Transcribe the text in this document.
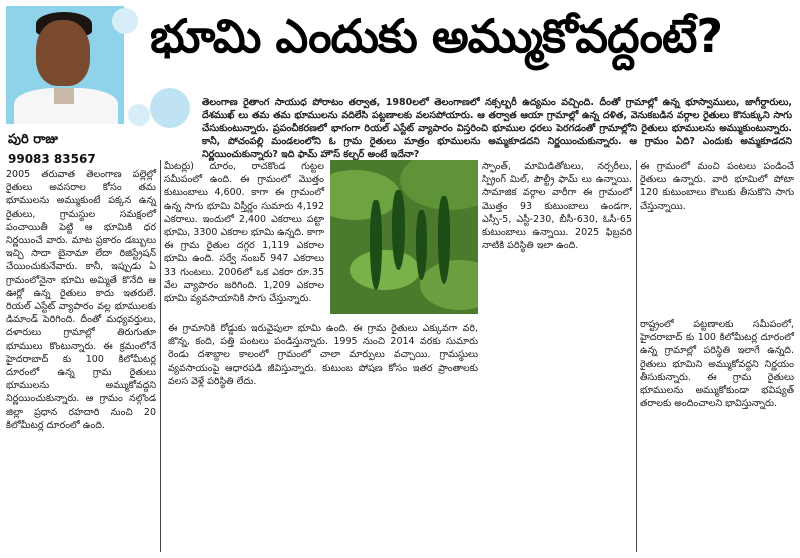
భూమి ఎందుకు అమ్ముకోవద్దంటే?
తెలంగాణ రైతాంగ సాయుధ పోరాటం తర్వాత, 1980లలో తెలంగాణలో నక్సల్బరీ ఉద్యమం వచ్చింది. దీంతో గ్రామాల్లో ఉన్న భూస్వాములు, జాగీర్దారులు, దేశముఖ్ లు తమ తమ భూములను వదిలేసి పట్టణాలకు వలసపోయారు. ఆ తర్వాత ఆయా గ్రామాల్లో ఉన్న దళిత, వెనుకబడిన వర్గాల రైతులు కొనుక్కుని సాగు చేసుకుంటున్నారు. ప్రపంచీకరణలో భాగంగా రియల్ ఎస్టేట్ వ్యాపారం విస్తరించి భూముల ధరలు పెరగడంతో గ్రామాల్లోని రైతులు భూములను అమ్ముకుంటున్నారు. కానీ, పోచంపల్లి మండలంలోని ఓ గ్రామ రైతులు మాత్రం భూములను అమ్మకూడదని నిర్ణయించుకున్నారు. ఆ గ్రామం ఏది? ఎందుకు అమ్మకూడదని నిర్ణయించుకున్నారు? ఇది ఫామ్ హౌస్ కల్చర్ అంటే ఇదేనా?
పురి రాజు
99083 83567
2005 తరువాత తెలంగాణ పల్లెల్లో రైతులు అవసరాల కోసం తమ భూములను అమ్ముకుంటే పక్కన ఉన్న రైతులు, గ్రామస్థుల సమక్షంలో పంచాయితీ పెట్టి ఆ భూమికి ధర నిర్ణయించే వారు. మాట ప్రకారం డబ్బులు ఇచ్చి సాదా బైనామా లేదా రిజిస్ట్రేషన్ చేయించుకునేవారు. కానీ, ఇప్పుడు ఏ గ్రామంలోనైనా భూమి అమ్మితే కొనేది ఆ ఊర్లో ఉన్న రైతులు కాదు ఇతరులే. రియల్ ఎస్టేట్ వ్యాపారం వల్ల భూములకు డిమాండ్ పెరిగింది. దీంతో మధ్యవర్తులు, దళారులు గ్రామాల్లో తిరుగుతూ భూములు కొంటున్నారు. ఈ క్రమంలోనే హైదరాబాద్ కు 100 కిలోమీటర్ల దూరంలో ఉన్న గ్రామ రైతులు భూములను అమ్ముకోవద్దని నిర్ణయించుకున్నారు. ఆ గ్రామం నల్గొండ జిల్లా ప్రధాన రహదారి నుంచి 20 కిలోమీటర్ల దూరంలో ఉంది.
మీటర్లు) దూరం, రాచకొండ గుట్టల సమీపంలో ఉంది. ఈ గ్రామంలో మొత్తం కుటుంబాలు 4,600. కాగా ఈ గ్రామంలో ఉన్న సాగు భూమి విస్తీర్ణం సుమారు 4,192 ఎకరాలు. ఇందులో 2,400 ఎకరాలు పట్టా భూమి, 3300 ఎకరాల భూమి ఉన్నది. కాగా ఈ గ్రామ రైతుల దగ్గర 1,119 ఎకరాల భూమి ఉంది. సర్వే నంబర్ 947 ఎకరాలు 33 గుంటలు. 2006లో ఒక ఎకరా రూ.35 వేల వ్యాపారం జరిగింది. 1,209 ఎకరాల భూమి వ్యవసాయానికి సాగు చేస్తున్నారు.
ఈ గ్రామానికి రోడ్డుకు ఇరువైపులా భూమి ఉంది. ఈ గ్రామ రైతులు ఎక్కువగా వరి, జొన్న, కంది, పత్తి పంటలు పండిస్తున్నారు. 1995 నుంచి 2014 వరకు సుమారు రెండు దశాబ్దాల కాలంలో గ్రామంలో చాలా మార్పులు వచ్చాయి. గ్రామస్థులు వ్యవసాయంపై ఆధారపడి జీవిస్తున్నారు. కుటుంబ పోషణ కోసం ఇతర ప్రాంతాలకు వలస వెళ్లే పరిస్థితి లేదు.
స్ఫాంత్, మామిడితోటలు, నర్సరీలు, స్ప్రింగ్ మిల్, పౌల్ట్రీ ఫామ్ లు ఉన్నాయి. సామాజిక వర్గాల వారీగా ఈ గ్రామంలో మొత్తం 93 కుటుంబాలు ఉండగా, ఎస్సీ-5, ఎస్టీ-230, బీసీ-630, ఓసీ-65 కుటుంబాలు ఉన్నాయి. 2025 ఫిబ్రవరి నాటికి పరిస్థితి ఇలా ఉంది.
ఈ గ్రామంలో మంచి పంటలు పండించే రైతులు ఉన్నారు. వారి భూమిలో పోటా 120 కుటుంబాలు కౌలుకు తీసుకొని సాగు చేస్తున్నాయి.
రాష్ట్రంలో పట్టణాలకు సమీపంలో, హైదరాబాద్ కు 100 కిలోమీటర్ల దూరంలో ఉన్న గ్రామాల్లో పరిస్థితి ఇలాగే ఉన్నది. రైతులు భూమిని అమ్ముకోవద్దని నిర్ణయం తీసుకున్నారు. ఈ గ్రామ రైతులు భూములను అమ్ముకోకుండా భవిష్యత్ తరాలకు అందించాలని భావిస్తున్నారు.
